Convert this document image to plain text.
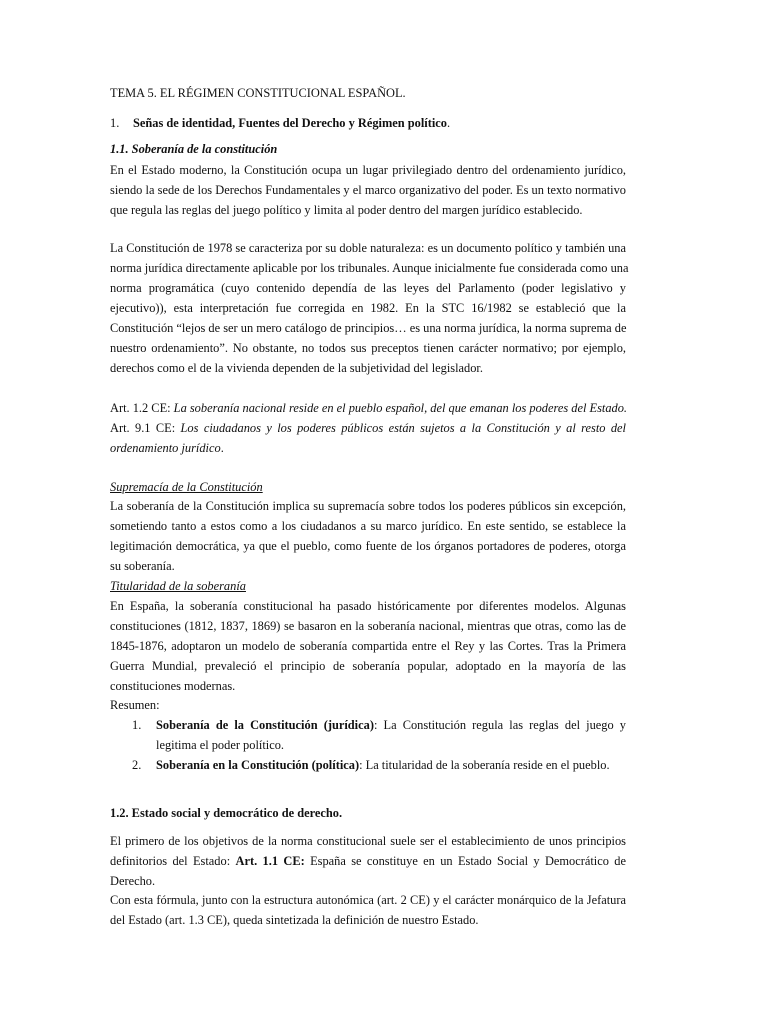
TEMA 5. EL RÉGIMEN CONSTITUCIONAL ESPAÑOL.

1. Señas de identidad, Fuentes del Derecho y Régimen político.

1.1. Soberanía de la constitución

En el Estado moderno, la Constitución ocupa un lugar privilegiado dentro del ordenamiento jurídico,

siendo la sede de los Derechos Fundamentales y el marco organizativo del poder. Es un texto normativo

que regula las reglas del juego político y limita al poder dentro del margen jurídico establecido.

La Constitución de 1978 se caracteriza por su doble naturaleza: es un documento político y también una

norma jurídica directamente aplicable por los tribunales. Aunque inicialmente fue considerada como una

norma programática (cuyo contenido dependía de las leyes del Parlamento (poder legislativo y

ejecutivo)), esta interpretación fue corregida en 1982. En la STC 16/1982 se estableció que la

Constitución “lejos de ser un mero catálogo de principios… es una norma jurídica, la norma suprema de

nuestro ordenamiento”. No obstante, no todos sus preceptos tienen carácter normativo; por ejemplo,

derechos como el de la vivienda dependen de la subjetividad del legislador.

Art. 1.2 CE: La soberanía nacional reside en el pueblo español, del que emanan los poderes del Estado.

Art. 9.1 CE: Los ciudadanos y los poderes públicos están sujetos a la Constitución y al resto del

ordenamiento jurídico.

Supremacía de la Constitución

La soberanía de la Constitución implica su supremacía sobre todos los poderes públicos sin excepción,

sometiendo tanto a estos como a los ciudadanos a su marco jurídico. En este sentido, se establece la

legitimación democrática, ya que el pueblo, como fuente de los órganos portadores de poderes, otorga

su soberanía.

Titularidad de la soberanía

En España, la soberanía constitucional ha pasado históricamente por diferentes modelos. Algunas

constituciones (1812, 1837, 1869) se basaron en la soberanía nacional, mientras que otras, como las de

1845-1876, adoptaron un modelo de soberanía compartida entre el Rey y las Cortes. Tras la Primera

Guerra Mundial, prevaleció el principio de soberanía popular, adoptado en la mayoría de las

constituciones modernas.

Resumen:

1. Soberanía de la Constitución (jurídica): La Constitución regula las reglas del juego y

legitima el poder político.

2. Soberanía en la Constitución (política): La titularidad de la soberanía reside en el pueblo.

1.2. Estado social y democrático de derecho.

El primero de los objetivos de la norma constitucional suele ser el establecimiento de unos principios

definitorios del Estado: Art. 1.1 CE: España se constituye en un Estado Social y Democrático de

Derecho.

Con esta fórmula, junto con la estructura autonómica (art. 2 CE) y el carácter monárquico de la Jefatura

del Estado (art. 1.3 CE), queda sintetizada la definición de nuestro Estado.
